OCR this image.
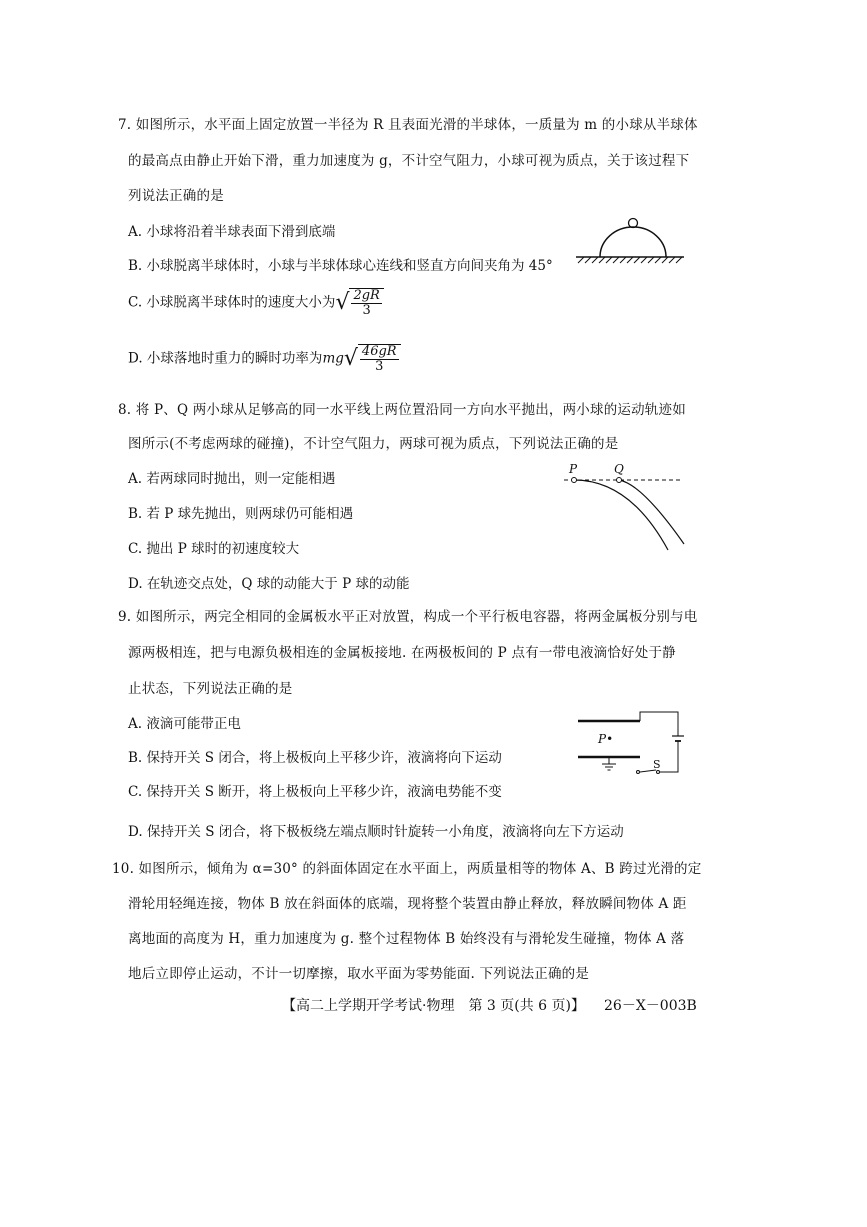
7. 如图所示，水平面上固定放置一半径为 R 且表面光滑的半球体，一质量为 m 的小球从半球体
的最高点由静止开始下滑，重力加速度为 g，不计空气阻力，小球可视为质点，关于该过程下
列说法正确的是
A. 小球将沿着半球表面下滑到底端
B. 小球脱离半球体时，小球与半球体球心连线和竖直方向间夹角为 45°
C. 小球脱离半球体时的速度大小为√ $\frac{2gR}{3}$
D. 小球落地时重力的瞬时功率为$mg√ \frac{46gR}{3}$
8. 将 P、Q 两小球从足够高的同一水平线上两位置沿同一方向水平抛出，两小球的运动轨迹如
图所示(不考虑两球的碰撞)，不计空气阻力，两球可视为质点，下列说法正确的是
A. 若两球同时抛出，则一定能相遇
B. 若 P 球先抛出，则两球仍可能相遇
C. 抛出 P 球时的初速度较大
D. 在轨迹交点处，Q 球的动能大于 P 球的动能
P	Q
9. 如图所示，两完全相同的金属板水平正对放置，构成一个平行板电容器，将两金属板分别与电
源两极相连，把与电源负极相连的金属板接地. 在两极板间的 P 点有一带电液滴恰好处于静
止状态，下列说法正确的是
A. 液滴可能带正电
B. 保持开关 S 闭合，将上极板向上平移少许，液滴将向下运动
C. 保持开关 S 断开，将上极板向上平移少许，液滴电势能不变
D. 保持开关 S 闭合，将下极板绕左端点顺时针旋转一小角度，液滴将向左下方运动
P•
S
10. 如图所示，倾角为 α=30° 的斜面体固定在水平面上，两质量相等的物体 A、B 跨过光滑的定
滑轮用轻绳连接，物体 B 放在斜面体的底端，现将整个装置由静止释放，释放瞬间物体 A 距
离地面的高度为 H，重力加速度为 g. 整个过程物体 B 始终没有与滑轮发生碰撞，物体 A 落
地后立即停止运动，不计一切摩擦，取水平面为零势能面. 下列说法正确的是
【高二上学期开学考试·物理　第 3 页(共 6 页)】 26－X－003B
